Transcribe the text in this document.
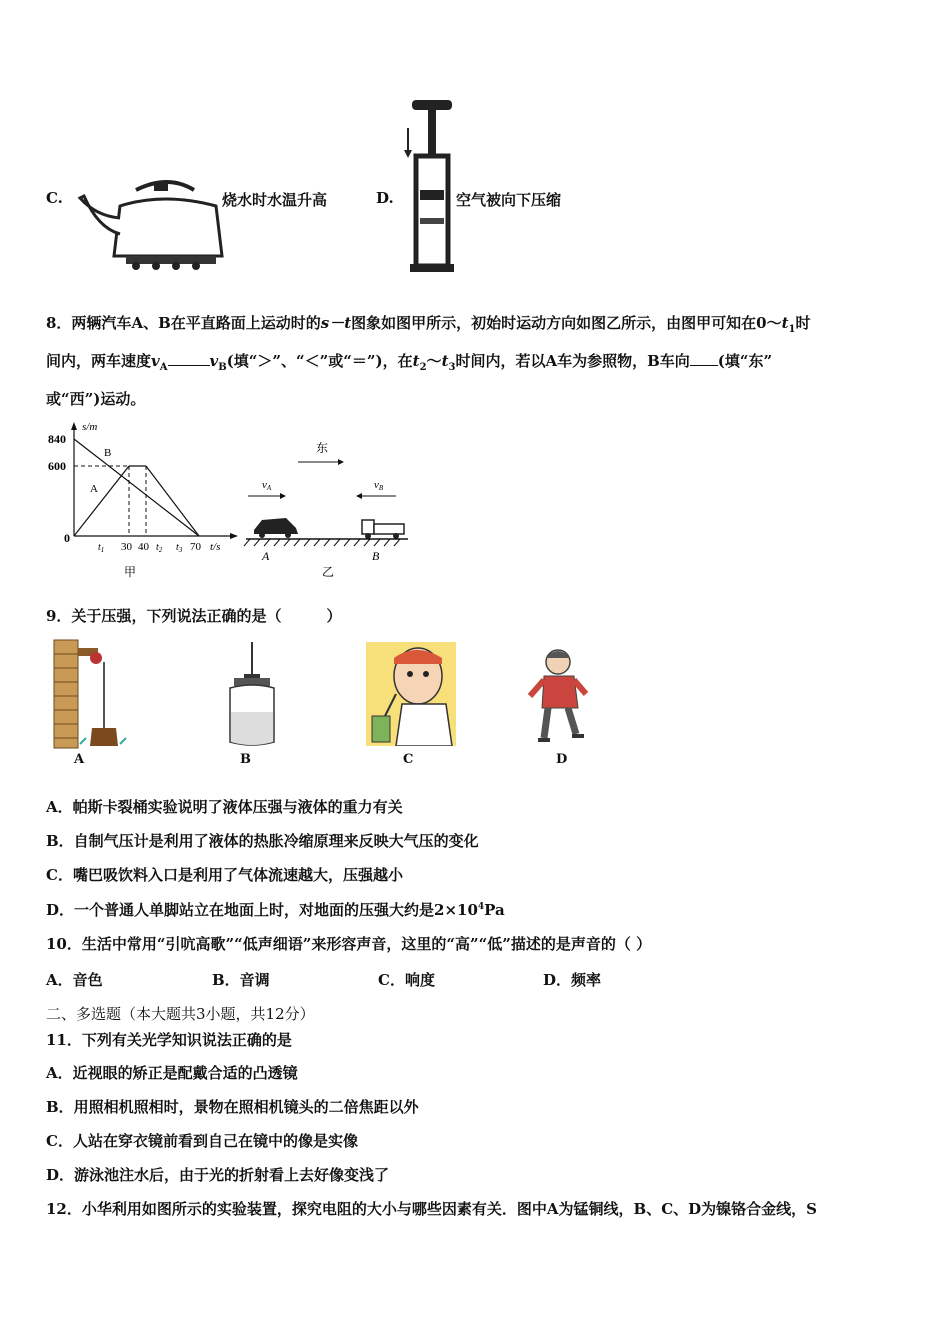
C.	烧水时水温升高	D.	空气被向下压缩
8．两辆汽车A、B在平直路面上运动时的s－t图象如图甲所示，初始时运动方向如图乙所示，由图甲可知在$0\sim t_1$时
间内，两车速度$v_A$	$v_B$(填“＞”、“＜”或“＝”)，在$t_2\sim t_3$时间内，若以A车为参照物，B车向 (填“东”
或“西”)运动。
s/m
840
600
0
B
A
$t_1$ 30 40 $t_2$ $t_3$ 70 t/s
甲
东
vA	vB
A	B
乙
9．关于压强，下列说法正确的是（　　　）
A	B	C	D
A．帕斯卡裂桶实验说明了液体压强与液体的重力有关
B．自制气压计是利用了液体的热胀冷缩原理来反映大气压的变化
C．嘴巴吸饮料入口是利用了气体流速越大，压强越小
D．一个普通人单脚站立在地面上时，对地面的压强大约是$2\times 10^4Pa$
10．生活中常用“引吭高歌”“低声细语”来形容声音，这里的“高”“低”描述的是声音的（ ）
A．音色	B．音调	C．响度	D．频率
二、多选题（本大题共3小题，共12分）
11．下列有关光学知识说法正确的是
A．近视眼的矫正是配戴合适的凸透镜
B．用照相机照相时，景物在照相机镜头的二倍焦距以外
C．人站在穿衣镜前看到自己在镜中的像是实像
D．游泳池注水后，由于光的折射看上去好像变浅了
12．小华利用如图所示的实验装置，探究电阻的大小与哪些因素有关．图中A为锰铜线，B、C、D为镍铬合金线，S
